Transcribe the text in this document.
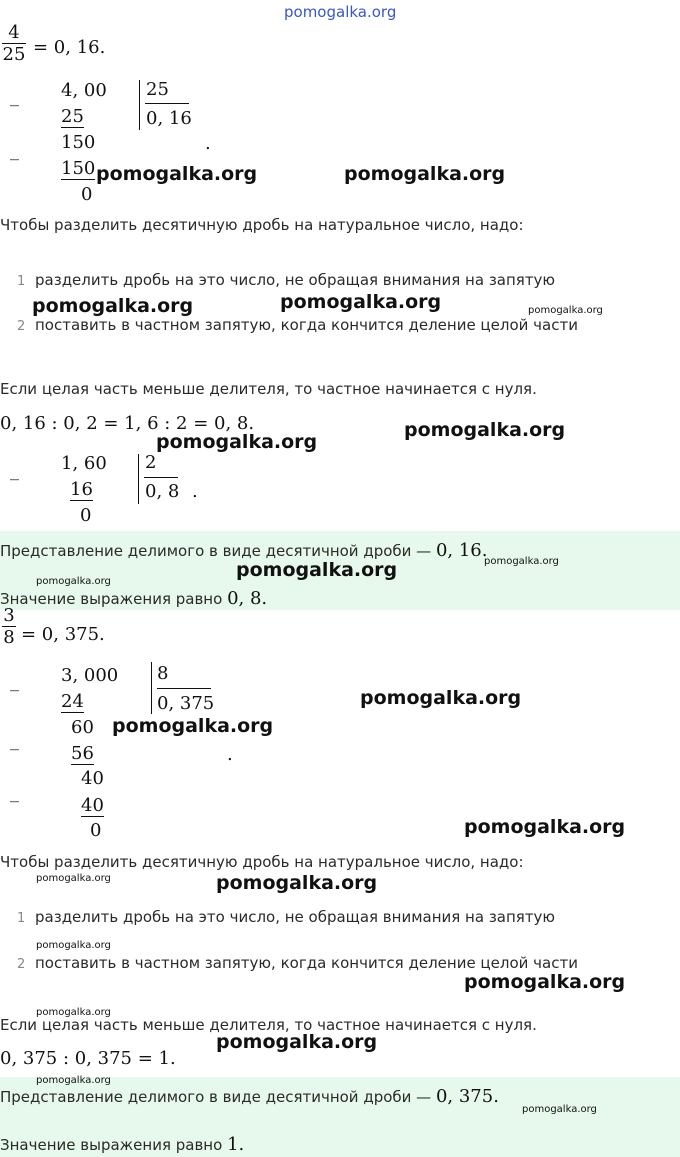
pomogalka.org
$\frac{4}{25} = 0$, 16.
_ 4, 00 25
0, 16
25
_ 150	.
150
0
pomogalka.org	pomogalka.org
Чтобы разделить десятичную дробь на натуральное число, надо:
1 разделить дробь на это число, не обращая внимания на запятую
pomogalka.org	pomogalka.org	pomogalka.org
2 поставить в частном запятую, когда кончится деление целой части
Если целая часть меньше делителя, то частное начинается с нуля.
0, 16 : 0, 2 = 1, 6 : 2 = 0, 8.
pomogalka.org
pomogalka.org
_ 1, 60 2
0, 8 .
16
0
Представление делимого в виде десятичной дроби — 0, 16.
pomogalka.org
pomogalka.org
pomogalka.org
Значение выражения равно 0, 8.
$\frac{3}{8} = 0$, 375.
_ 3, 000 8
0, 375
24	pomogalka.org
_
60 pomogalka.org
56	.
_
40
40
0	pomogalka.org
Чтобы разделить десятичную дробь на натуральное число, надо:
pomogalka.org	pomogalka.org
1 разделить дробь на это число, не обращая внимания на запятую
pomogalka.org
2 поставить в частном запятую, когда кончится деление целой части
pomogalka.org
pomogalka.org
Если целая часть меньше делителя, то частное начинается с нуля.
pomogalka.org
0, 375 : 0, 375 = 1.
pomogalka.org
Представление делимого в виде десятичной дроби — 0, 375.
pomogalka.org
Значение выражения равно 1.
